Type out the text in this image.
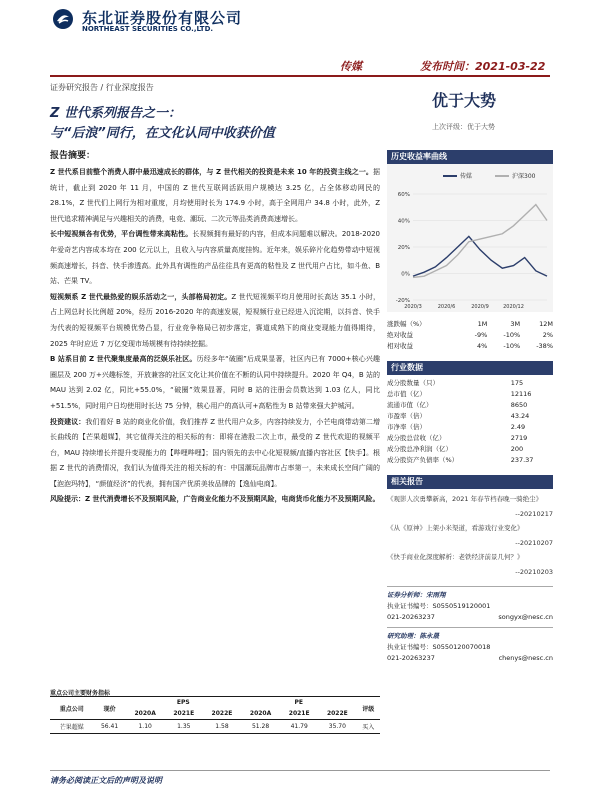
东北证券股份有限公司
NORTHEAST SECURITIES CO.,LTD.
传媒	发布时间：2021-03-22
证券研究报告 / 行业深度报告
Z 世代系列报告之一：
与“后浪”同行，在文化认同中收获价值
优于大势
上次评级：优于大势
报告摘要：
Z 世代系目前整个消费人群中最迅速成长的群体，与 Z 世代相关的投资是未来 10 年的投资主线之一。据统计，截止到 2020 年 11 月，中国的 Z 世代互联网活跃用户规模达 3.25 亿，占全体移动网民的 28.1%，Z 世代们上网行为相对重度，月均使用时长为 174.9 小时，高于全网用户 34.8 小时，此外，Z 世代追求精神满足与兴趣相关的消费，电竞、潮玩、二次元等品类消费高速增长。
长中短视频各有优势，平台调性带来高粘性。长视频拥有最好的内容，但成本问题难以解决。2018-2020 年爱奇艺内容成本均在 200 亿元以上，且收入与内容质量高度挂钩。近年来，娱乐碎片化趋势带动中短视频高速增长，抖音、快手渗透高。此外具有调性的产品往往具有更高的粘性及 Z 世代用户占比，如斗鱼、B 站、芒果 TV。
短视频系 Z 世代最热爱的娱乐活动之一，头部格局初定。Z 世代短视频平均月使用时长高达 35.1 小时，占上网总时长比例超 20%，经历 2016-2020 年的高速发展，短视频行业已经进入沉淀期，以抖音、快手为代表的短视频平台规模优势凸显，行业竞争格局已初步落定，赛道成熟下的商业变现能力值得期待，2025 年时应近 7 万亿变现市场规模有待持续挖掘。
B 站系目前 Z 世代聚集度最高的泛娱乐社区。历经多年“破圈”后成果显著，社区内已有 7000+核心兴趣圈层及 200 万+兴趣标签，开放兼容的社区文化让其价值在不断的认同中持续提升。2020 年 Q4，B 站的 MAU 达到 2.02 亿，同比+55.0%，“破圈”效果显著，同时 B 站的注册会员数达到 1.03 亿人，同比+51.5%，同时用户日均使用时长达 75 分钟，核心用户的高认可+高粘性为 B 站带来强大护城河。
投资建议：我们看好 B 站的商业化价值，我们推荐 Z 世代用户众多，内容持续发力，小芒电商带动第二增长曲线的【芒果超媒】，其它值得关注的相关标的有：即将在港股二次上市，最受的 Z 世代欢迎的视频平台，MAU 持续增长并提升变现能力的【哔哩哔哩】；国内领先的去中心化短视频/直播内容社区【快手】。根据 Z 世代的消费情况，我们认为值得关注的相关标的有：中国潮玩品牌市占率第一，未来成长空间广阔的【泡泡玛特】，“颜值经济”的代表，拥有国产优质美妆品牌的【逸仙电商】。
风险提示：Z 世代消费增长不及预期风险，广告商业化能力不及预期风险，电商货币化能力不及预期风险。
重点公司主要财务指标
重点公司	现价	EPS			PE			评级
		2020A	2021E	2022E	2020A	2021E	2022E	
芒果超媒	56.41	1.10	1.35	1.58	51.28	41.79	35.70	买入
历史收益率曲线
60%
40%
20%
0%
-20%
2020/3	2020/6	2020/9	2020/12
传媒	沪深300
涨跌幅（%）	1M	3M	12M
绝对收益	-9%	-10%	2%
相对收益	4%	-10%	-38%
行业数据
成分股数量（只）	175
总市值（亿）	12116
流通市值（亿）	8650
市盈率（倍）	43.24
市净率（倍）	2.49
成分股总营收（亿）	2719
成分股总净利润（亿）	200
成分股资产负债率（%）	237.37
相关报告
《观影人次勇攀新高，2021 年春节档春晚一骑绝尘》
--20210217
《从《原神》上架小米渠道，看游戏行业变化》
--20210207
《快手商业化深度解析：老铁经济前景几何？》
--20210203
证券分析师：宋雨翔
执业证书编号：S0550519120001
021-20263237	songyx@nesc.cn
研究助理：陈永晟
执业证书编号：S0550120070018
021-20263237	chenys@nesc.cn
请务必阅读正文后的声明及说明
